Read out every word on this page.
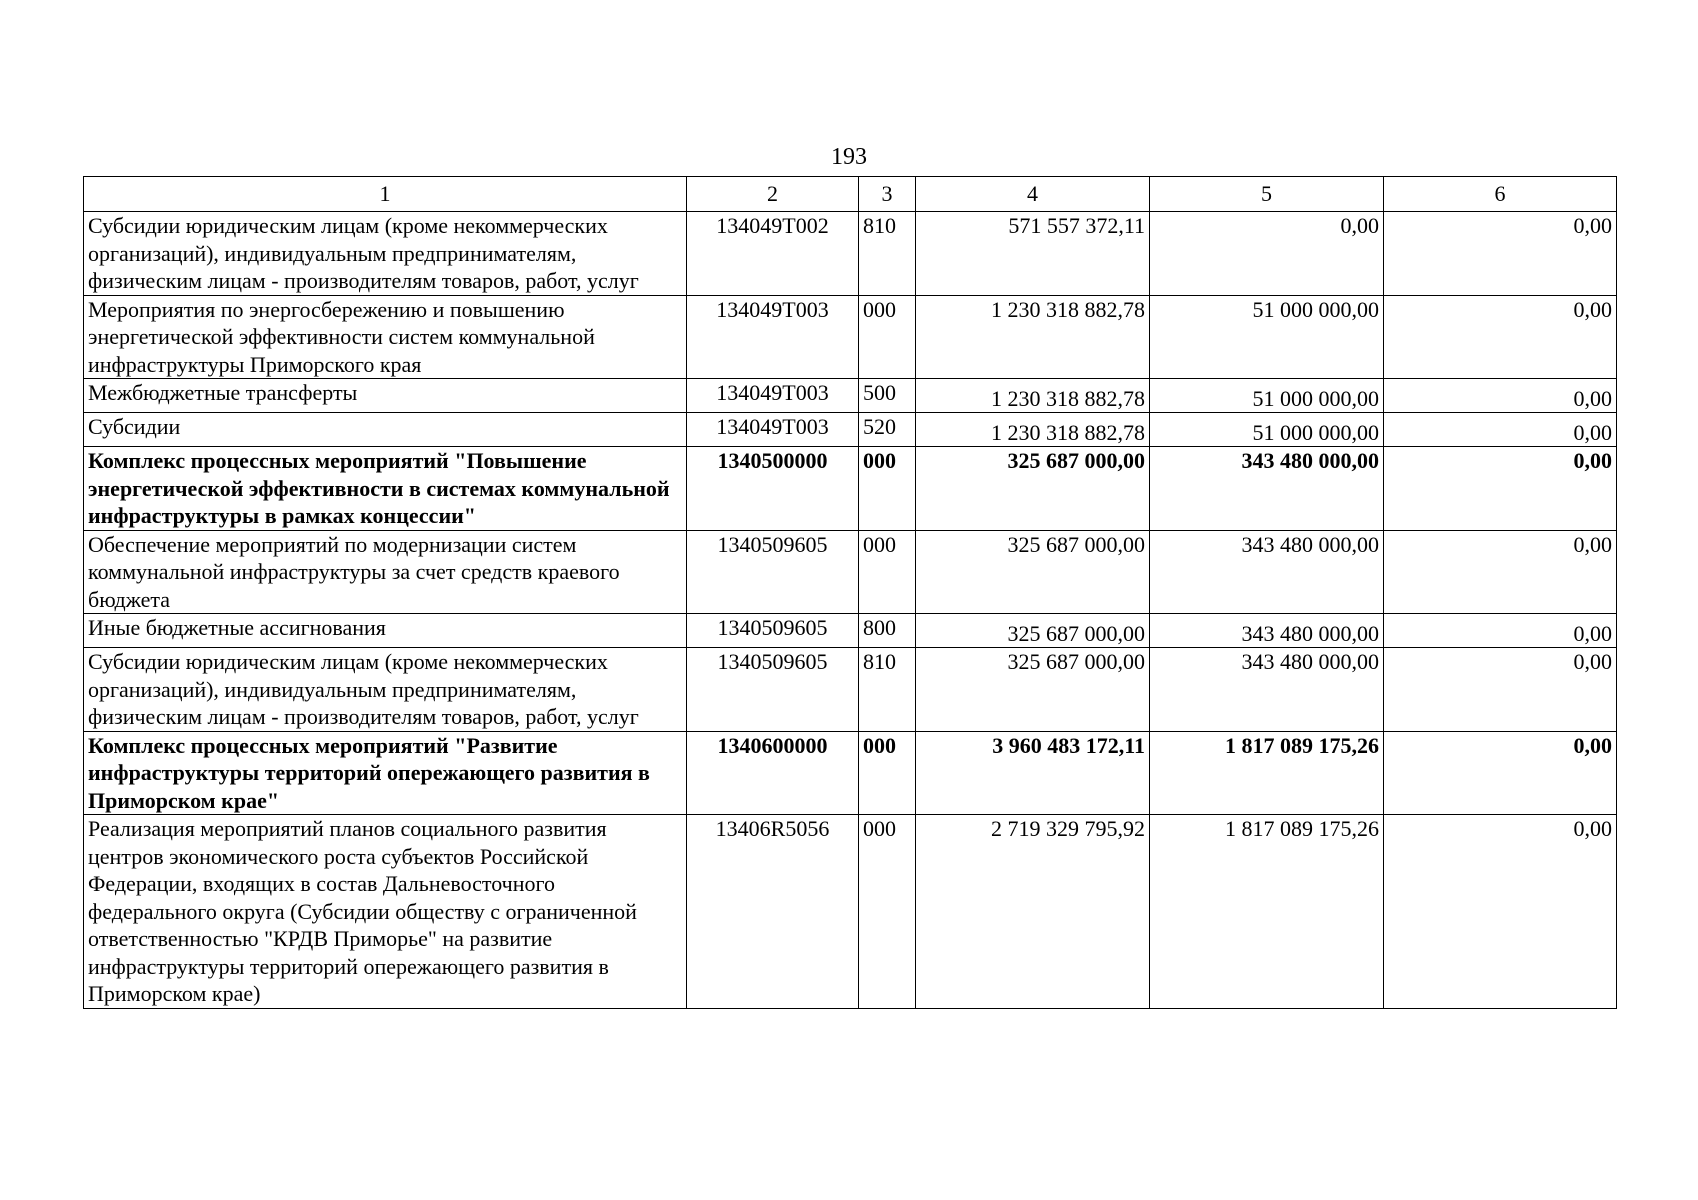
193
1	2	3	4	5	6
Субсидии юридическим лицам (кроме некоммерческих организаций), индивидуальным предпринимателям, физическим лицам - производителям товаров, работ, услуг	134049Т002	810	571 557 372,11	0,00	0,00
Мероприятия по энергосбережению и повышению энергетической эффективности систем коммунальной инфраструктуры Приморского края	134049Т003	000	1 230 318 882,78	51 000 000,00	0,00
Межбюджетные трансферты	134049Т003	500	1 230 318 882,78	51 000 000,00	0,00
Субсидии	134049Т003	520	1 230 318 882,78	51 000 000,00	0,00
Комплекс процессных мероприятий "Повышение энергетической эффективности в системах коммунальной инфраструктуры в рамках концессии"	1340500000	000	325 687 000,00	343 480 000,00	0,00
Обеспечение мероприятий по модернизации систем коммунальной инфраструктуры за счет средств краевого бюджета	1340509605	000	325 687 000,00	343 480 000,00	0,00
Иные бюджетные ассигнования	1340509605	800	325 687 000,00	343 480 000,00	0,00
Субсидии юридическим лицам (кроме некоммерческих организаций), индивидуальным предпринимателям, физическим лицам - производителям товаров, работ, услуг	1340509605	810	325 687 000,00	343 480 000,00	0,00
Комплекс процессных мероприятий "Развитие инфраструктуры территорий опережающего развития в Приморском крае"	1340600000	000	3 960 483 172,11	1 817 089 175,26	0,00
Реализация мероприятий планов социального развития центров экономического роста субъектов Российской Федерации, входящих в состав Дальневосточного федерального округа (Субсидии обществу с ограниченной ответственностью "КРДВ Приморье" на развитие инфраструктуры территорий опережающего развития в Приморском крае)	13406R5056	000	2 719 329 795,92	1 817 089 175,26	0,00
